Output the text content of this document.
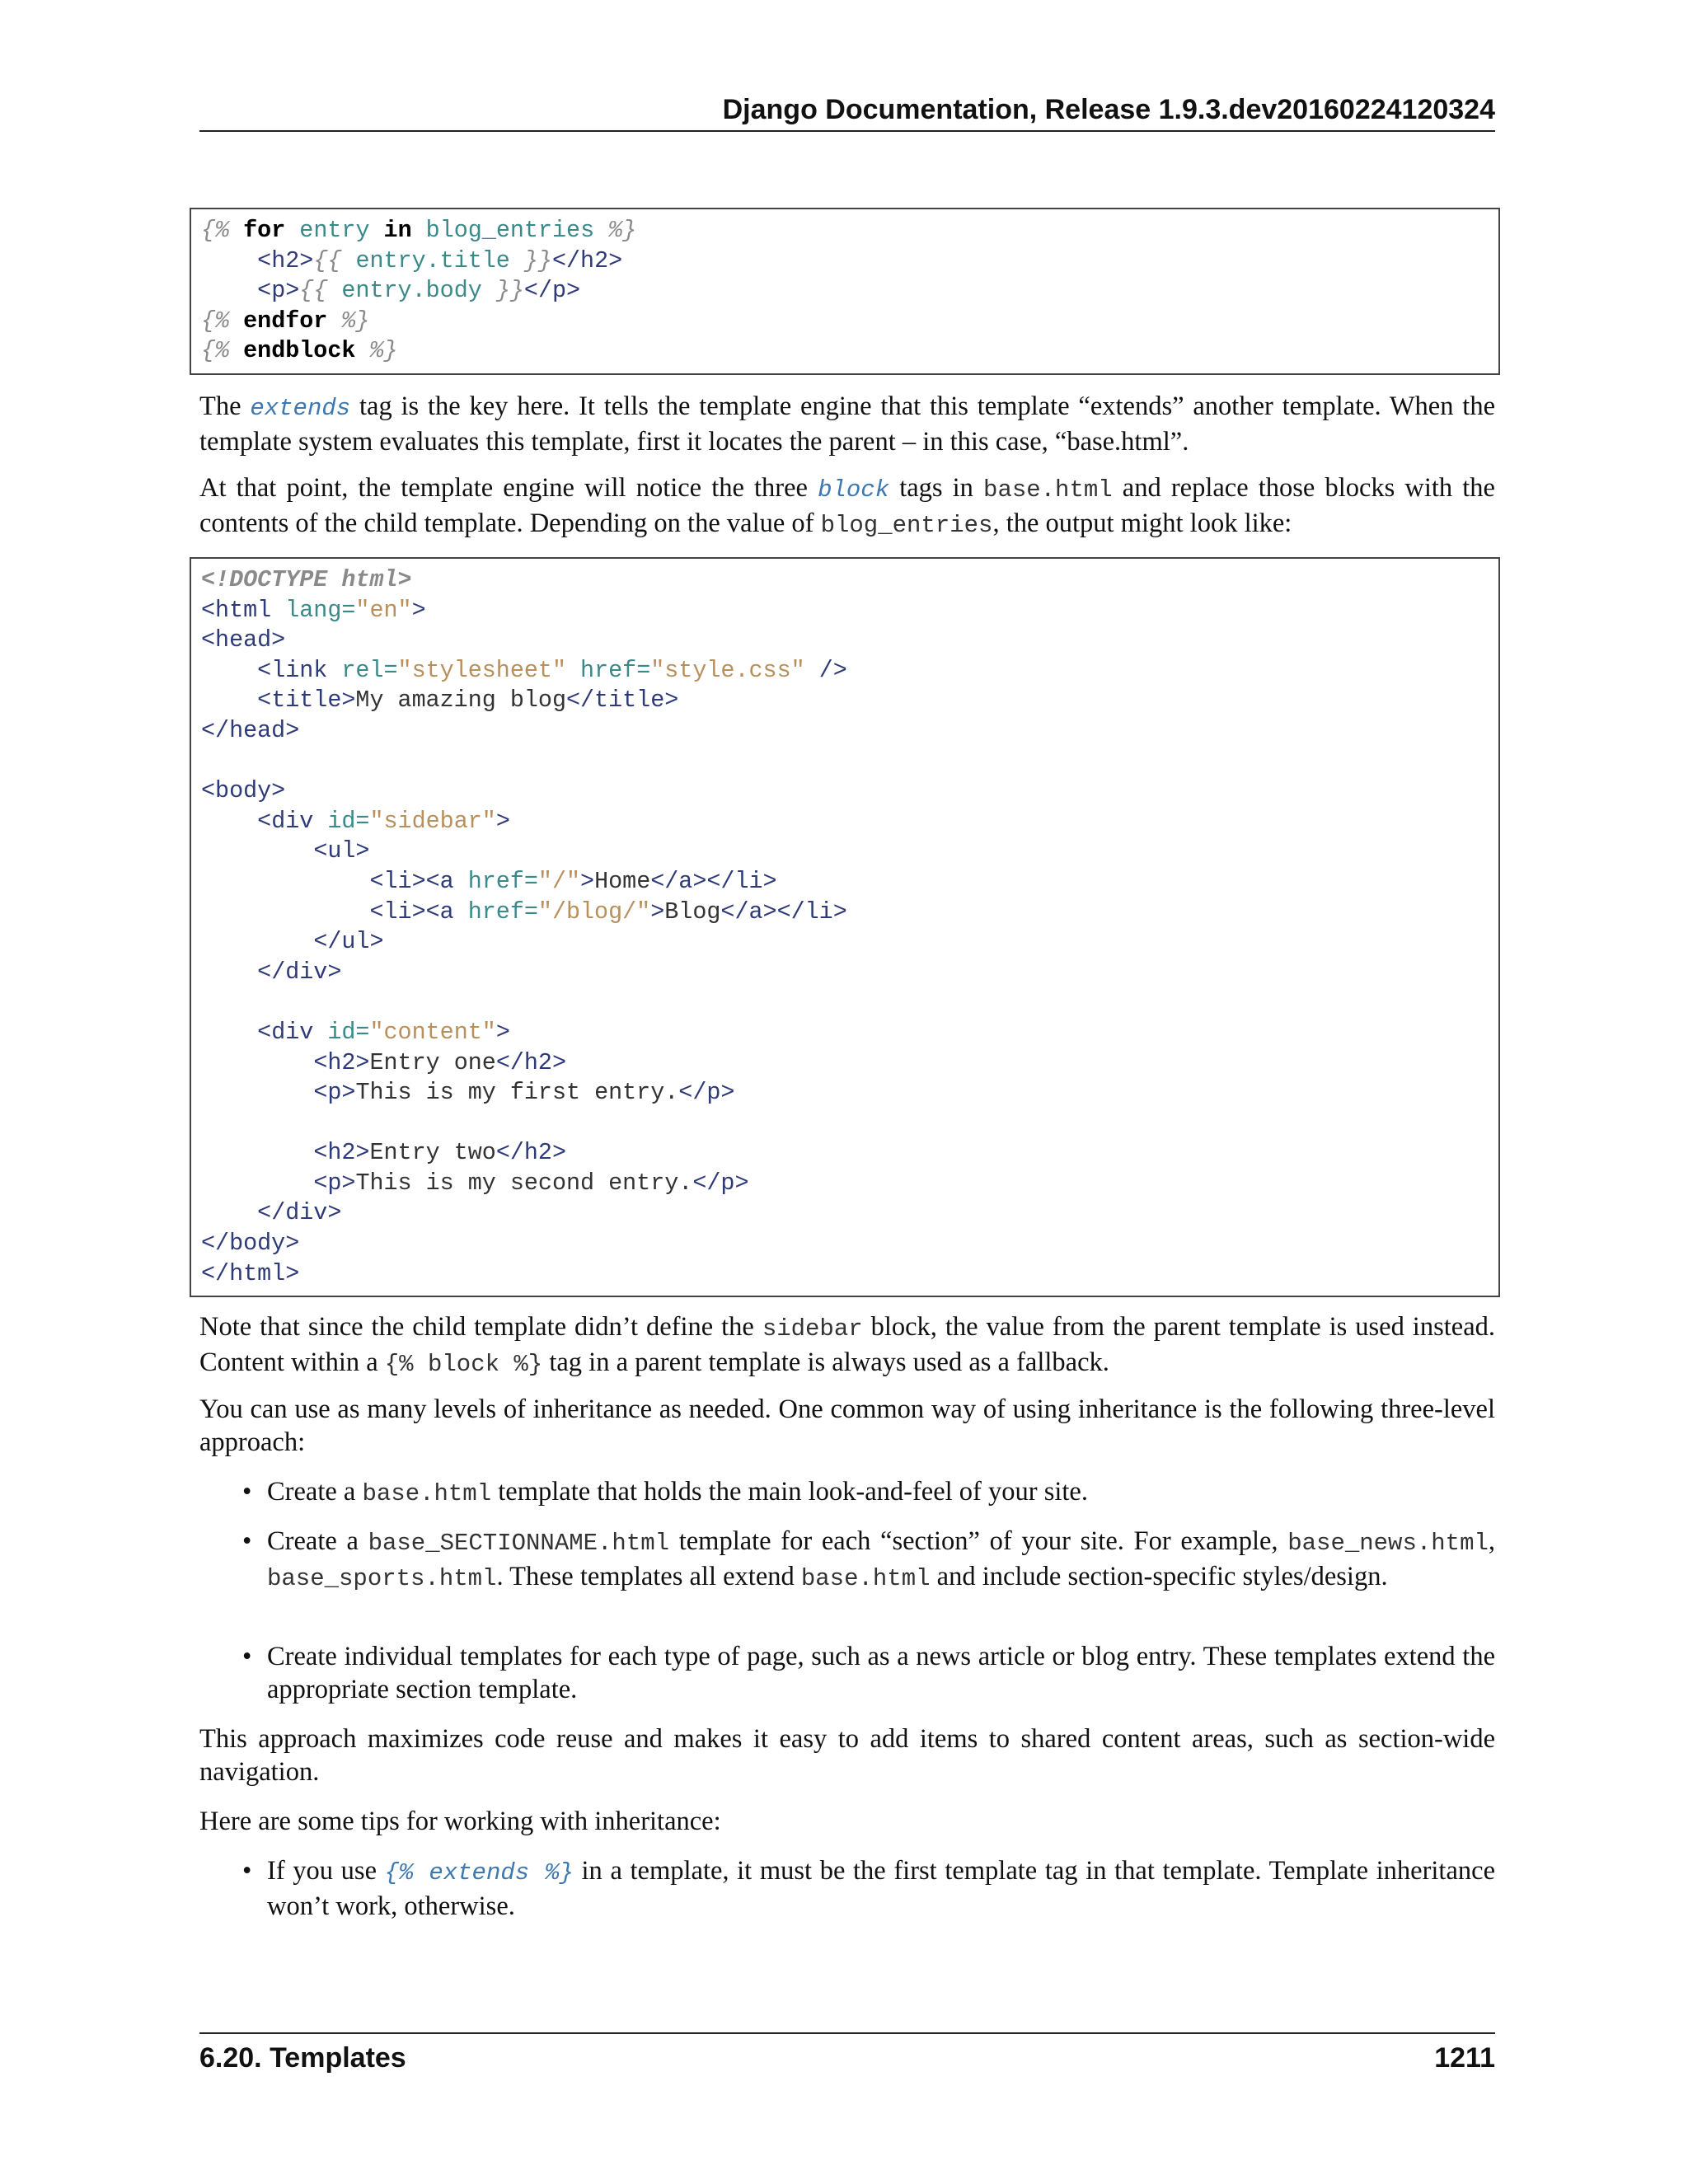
Django Documentation, Release 1.9.3.dev20160224120324
{% for entry in blog_entries %}
<h2>{{ entry.title }}</h2>
<p>{{ entry.body }}</p>
{% endfor %}
{% endblock %}

The extends tag is the key here. It tells the template engine that this template “extends” another template. When the template system evaluates this template, first it locates the parent – in this case, “base.html”.

At that point, the template engine will notice the three block tags in base.html and replace those blocks with the contents of the child template. Depending on the value of blog_entries, the output might look like:

<!DOCTYPE html>
<html lang="en">
<head>
<link rel="stylesheet" href="style.css" />
<title>My amazing blog</title>
</head>
<body>
<div id="sidebar">
<ul>
<li><a href="/">Home</a></li>
<li><a href="/blog/">Blog</a></li>
</ul>
</div>
<div id="content">
<h2>Entry one</h2>
<p>This is my first entry.</p>
<h2>Entry two</h2>
<p>This is my second entry.</p>
</div>
</body>
</html>

Note that since the child template didn’t define the sidebar block, the value from the parent template is used instead. Content within a {% block %} tag in a parent template is always used as a fallback.

You can use as many levels of inheritance as needed. One common way of using inheritance is the following three-level approach:

• Create a base.html template that holds the main look-and-feel of your site.

• Create a base_SECTIONNAME.html template for each “section” of your site. For example, base_news.html, base_sports.html. These templates all extend base.html and include section-specific styles/design.

• Create individual templates for each type of page, such as a news article or blog entry. These templates extend the appropriate section template.

This approach maximizes code reuse and makes it easy to add items to shared content areas, such as section-wide navigation.

Here are some tips for working with inheritance:

• If you use {% extends %} in a template, it must be the first template tag in that template. Template inheritance won’t work, otherwise.

6.20. Templates	1211
